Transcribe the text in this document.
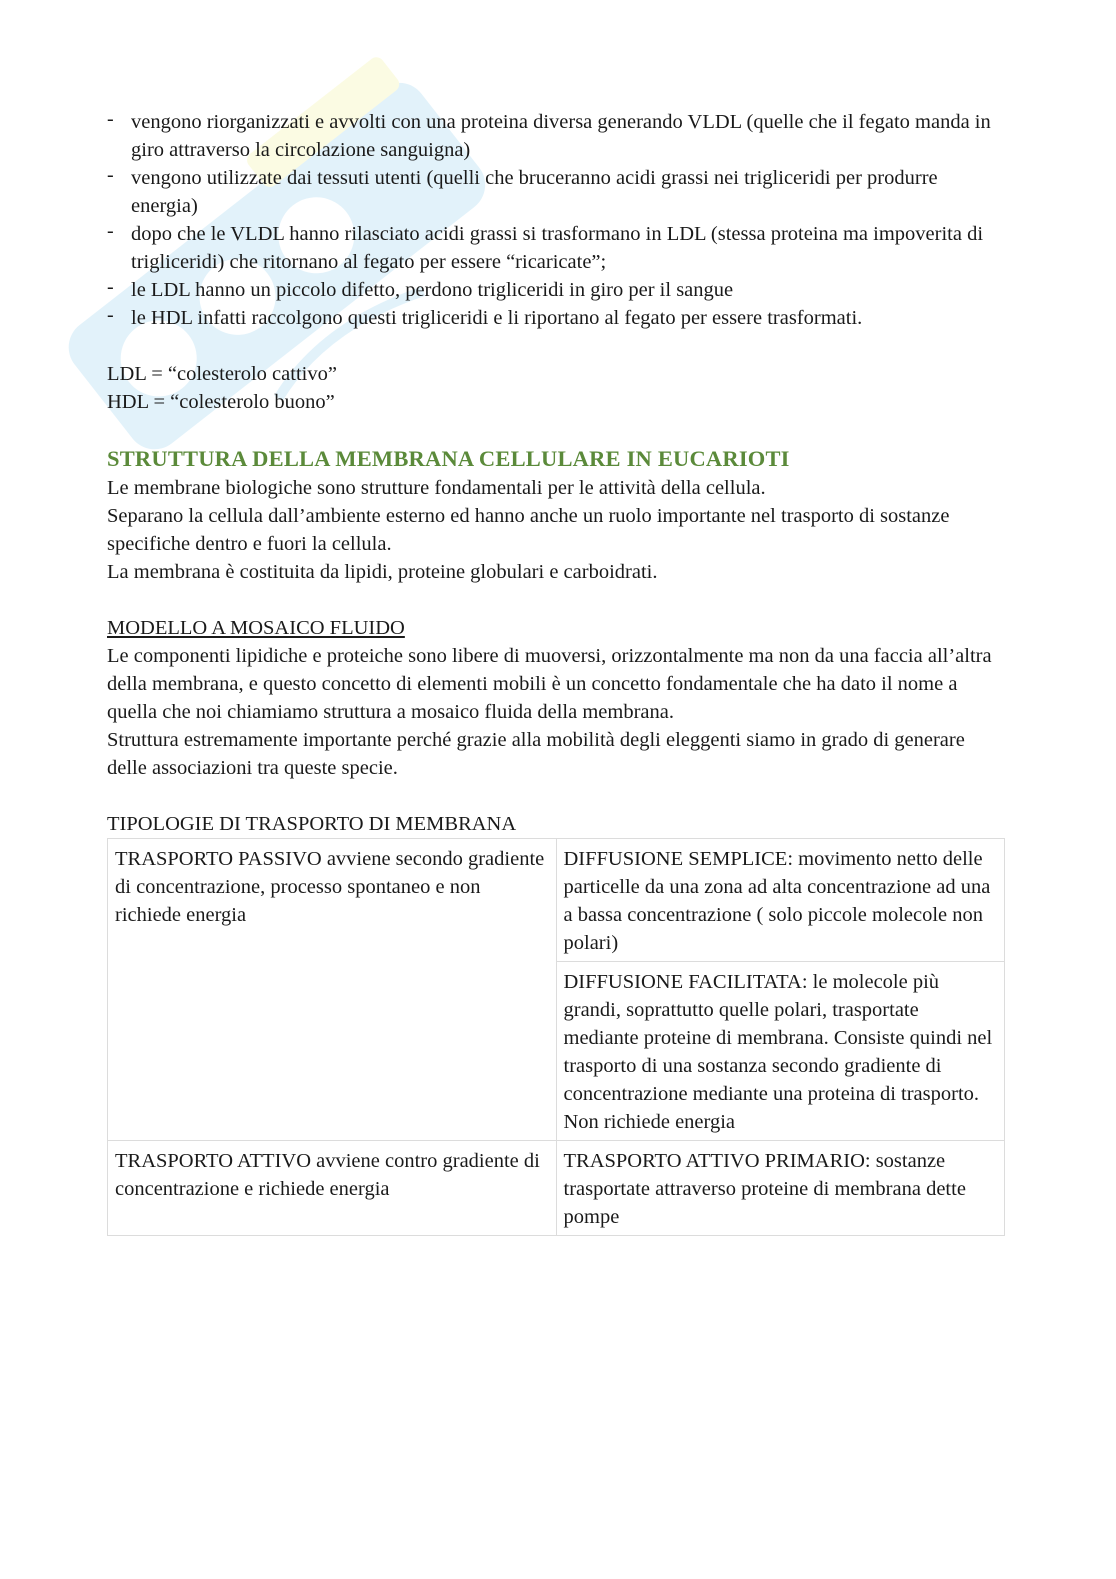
- vengono riorganizzati e avvolti con una proteina diversa generando VLDL (quelle che il fegato manda in giro attraverso la circolazione sanguigna)
- vengono utilizzate dai tessuti utenti (quelli che bruceranno acidi grassi nei trigliceridi per produrre energia)
- dopo che le VLDL hanno rilasciato acidi grassi si trasformano in LDL (stessa proteina ma impoverita di trigliceridi) che ritornano al fegato per essere “ricaricate”;
- le LDL hanno un piccolo difetto, perdono trigliceridi in giro per il sangue
- le HDL infatti raccolgono questi trigliceridi e li riportano al fegato per essere trasformati.

LDL = “colesterolo cattivo”

HDL = “colesterolo buono”

STRUTTURA DELLA MEMBRANA CELLULARE IN EUCARIOTI

Le membrane biologiche sono strutture fondamentali per le attività della cellula.

Separano la cellula dall’ambiente esterno ed hanno anche un ruolo importante nel trasporto di sostanze specifiche dentro e fuori la cellula.

La membrana è costituita da lipidi, proteine globulari e carboidrati.

MODELLO A MOSAICO FLUIDO

Le componenti lipidiche e proteiche sono libere di muoversi, orizzontalmente ma non da una faccia all’altra della membrana, e questo concetto di elementi mobili è un concetto fondamentale che ha dato il nome a quella che noi chiamiamo struttura a mosaico fluida della membrana.

Struttura estremamente importante perché grazie alla mobilità degli eleggenti siamo in grado di generare delle associazioni tra queste specie.

TIPOLOGIE DI TRASPORTO DI MEMBRANA

TRASPORTO PASSIVO avviene secondo gradiente di concentrazione, processo spontaneo e non richiede energia	DIFFUSIONE SEMPLICE: movimento netto delle particelle da una zona ad alta concentrazione ad una a bassa concentrazione ( solo piccole molecole non polari)
	DIFFUSIONE FACILITATA: le molecole più grandi, soprattutto quelle polari, trasportate mediante proteine di membrana. Consiste quindi nel trasporto di una sostanza secondo gradiente di concentrazione mediante una proteina di trasporto. Non richiede energia
TRASPORTO ATTIVO avviene contro gradiente di concentrazione e richiede energia	TRASPORTO ATTIVO PRIMARIO: sostanze trasportate attraverso proteine di membrana dette pompe
